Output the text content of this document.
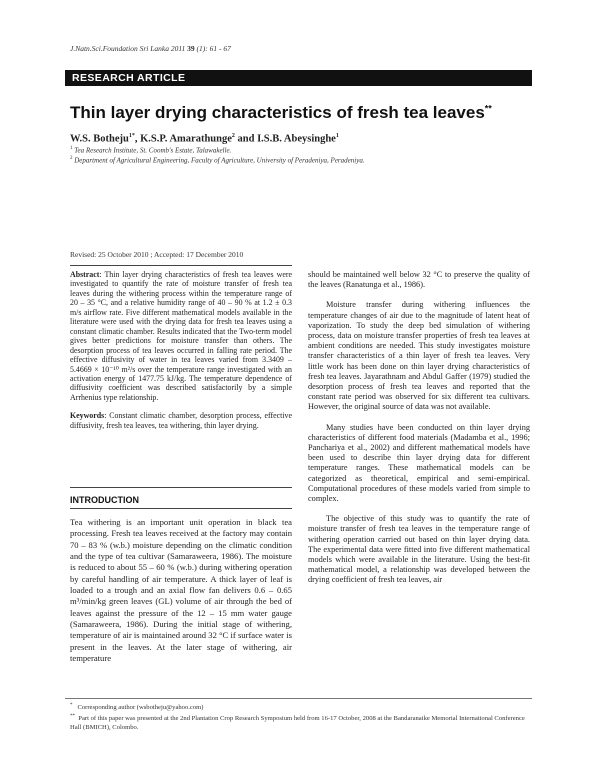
J.Natn.Sci.Foundation Sri Lanka 2011 39 (1): 61 - 67
RESEARCH ARTICLE
Thin layer drying characteristics of fresh tea leaves**
W.S. Botheju$^{1*}$, K.S.P. Amarathunge$^2$ and I.S.B. Abeysinghe$^1$
$^1$ Tea Research Institute, St. Coomb's Estate, Talawakelle.
$^2$ Department of Agricultural Engineering, Faculty of Agriculture, University of Peradeniya, Peradeniya.
Revised: 25 October 2010 ; Accepted: 17 December 2010

Abstract: Thin layer drying characteristics of fresh tea leaves were investigated to quantify the rate of moisture transfer of fresh tea leaves during the withering process within the temperature range of 20 – 35 °C, and a relative humidity range of 40 – 90 % at 1.2 ± 0.3 m/s airflow rate. Five different mathematical models available in the literature were used with the drying data for fresh tea leaves using a constant climatic chamber. Results indicated that the Two-term model gives better predictions for moisture transfer than others. The desorption process of tea leaves occurred in falling rate period. The effective diffusivity of water in tea leaves varied from 3.3409 – 5.4669 × 10⁻¹⁰ m²/s over the temperature range investigated with an activation energy of 1477.75 kJ/kg. The temperature dependence of diffusivity coefficient was described satisfactorily by a simple Arrhenius type relationship.

Keywords: Constant climatic chamber, desorption process, effective diffusivity, fresh tea leaves, tea withering, thin layer drying.

INTRODUCTION
Tea withering is an important unit operation in black tea processing. Fresh tea leaves received at the factory may contain 70 – 83 % (w.b.) moisture depending on the climatic condition and the type of tea cultivar (Samaraweera, 1986). The moisture is reduced to about 55 – 60 % (w.b.) during withering operation by careful handling of air temperature. A thick layer of leaf is loaded to a trough and an axial flow fan delivers 0.6 – 0.65 m³/min/kg green leaves (GL) volume of air through the bed of leaves against the pressure of the 12 – 15 mm water gauge (Samaraweera, 1986). During the initial stage of withering, temperature of air is maintained around 32 °C if surface water is present in the leaves. At the later stage of withering, air temperature

should be maintained well below 32 °C to preserve the quality of the leaves (Ranatunga et al., 1986).

Moisture transfer during withering influences the temperature changes of air due to the magnitude of latent heat of vaporization. To study the deep bed simulation of withering process, data on moisture transfer properties of fresh tea leaves at ambient conditions are needed. This study investigates moisture transfer characteristics of a thin layer of fresh tea leaves. Very little work has been done on thin layer drying characteristics of fresh tea leaves. Jayarathnam and Abdul Gaffer (1979) studied the desorption process of fresh tea leaves and reported that the constant rate period was observed for six different tea cultivars. However, the original source of data was not available.

Many studies have been conducted on thin layer drying characteristics of different food materials (Madamba et al., 1996; Panchariya et al., 2002) and different mathematical models have been used to describe thin layer drying data for different temperature ranges. These mathematical models can be categorized as theoretical, empirical and semi-empirical. Computational procedures of these models varied from simple to complex.

The objective of this study was to quantify the rate of moisture transfer of fresh tea leaves in the temperature range of withering operation carried out based on thin layer drying data. The experimental data were fitted into five different mathematical models which were available in the literature. Using the best-fit mathematical model, a relationship was developed between the drying coefficient of fresh tea leaves, air

* Corresponding author (wsbotheju@yahoo.com)
** Part of this paper was presented at the 2nd Plantation Crop Research Symposium held from 16-17 October, 2008 at the Bandaranaike Memorial International Conference Hall (BMICH), Colombo.
